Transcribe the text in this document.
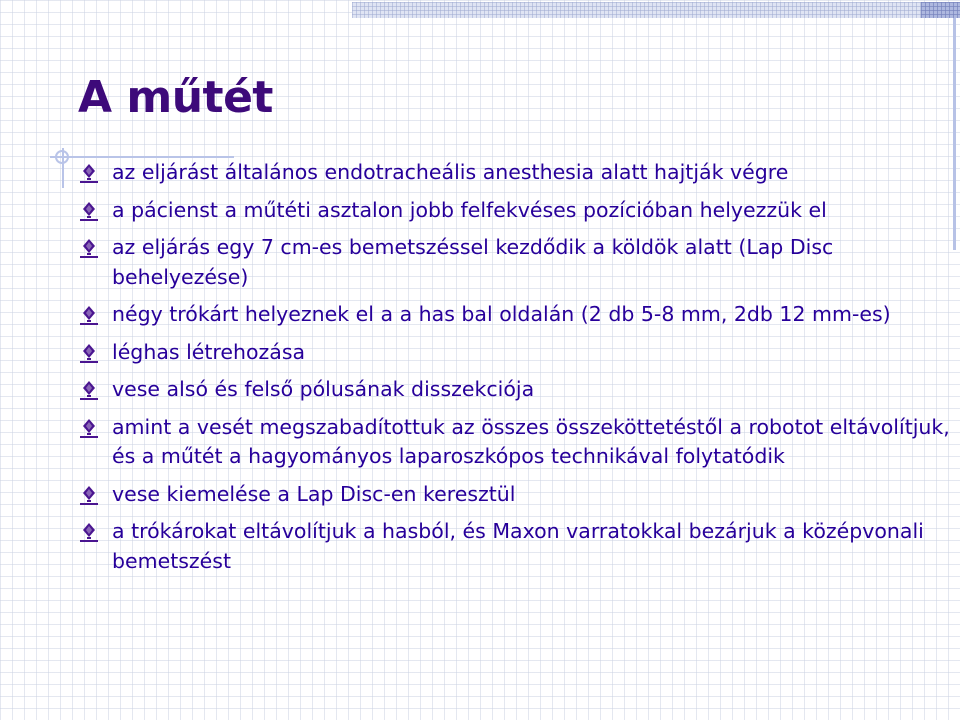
A műtét
az eljárást általános endotracheális anesthesia alatt hajtják végre
a pácienst a műtéti asztalon jobb felfekvéses pozícióban helyezzük el
az eljárás egy 7 cm-es bemetszéssel kezdődik a köldök alatt (Lap Disc behelyezése)
négy trókárt helyeznek el a a has bal oldalán (2 db 5-8 mm, 2db 12 mm-es)
léghas létrehozása
vese alsó és felső pólusának disszekciója
amint a vesét megszabadítottuk az összes összeköttetéstől a robotot eltávolítjuk, és a műtét a hagyományos laparoszkópos technikával folytatódik
vese kiemelése a Lap Disc-en keresztül
a trókárokat eltávolítjuk a hasból, és Maxon varratokkal bezárjuk a középvonali bemetszést
